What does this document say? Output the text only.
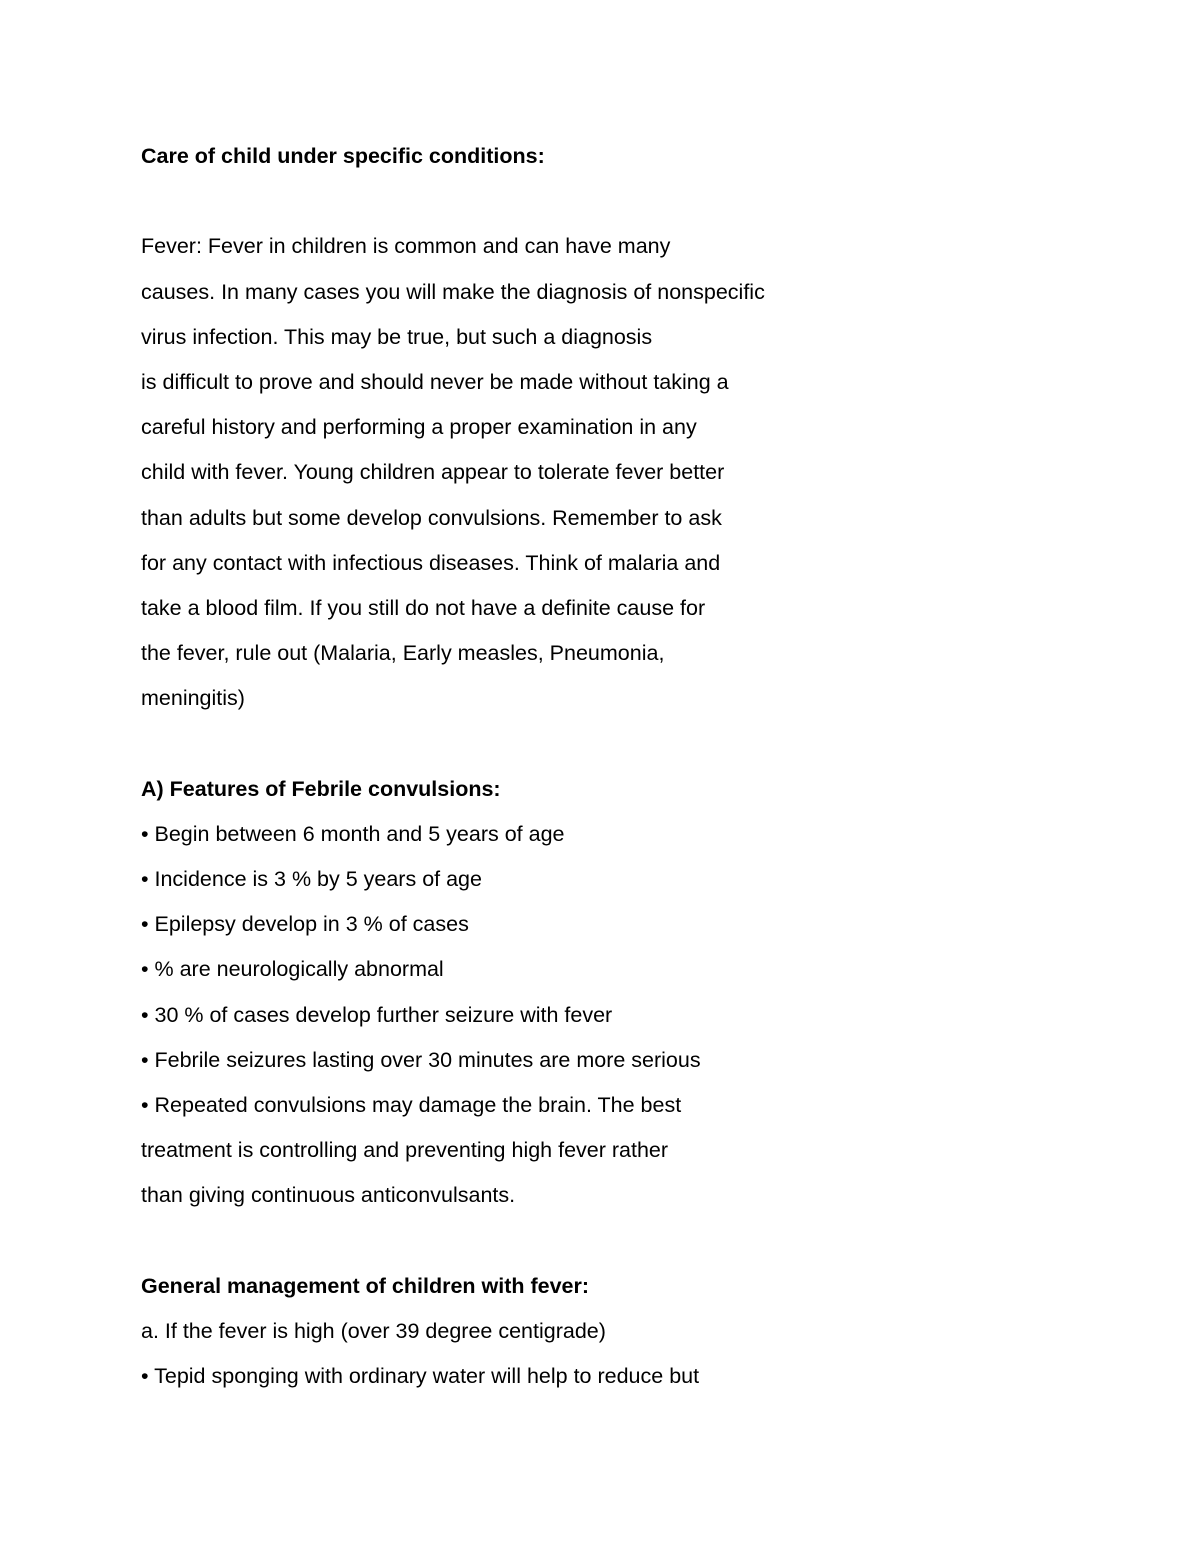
Care of child under specific conditions:

Fever: Fever in children is common and can have many

causes. In many cases you will make the diagnosis of nonspecific

virus infection. This may be true, but such a diagnosis

is difficult to prove and should never be made without taking a

careful history and performing a proper examination in any

child with fever. Young children appear to tolerate fever better

than adults but some develop convulsions. Remember to ask

for any contact with infectious diseases. Think of malaria and

take a blood film. If you still do not have a definite cause for

the fever, rule out (Malaria, Early measles, Pneumonia,

meningitis)

A) Features of Febrile convulsions:

• Begin between 6 month and 5 years of age

• Incidence is 3 % by 5 years of age

• Epilepsy develop in 3 % of cases

• % are neurologically abnormal

• 30 % of cases develop further seizure with fever

• Febrile seizures lasting over 30 minutes are more serious

• Repeated convulsions may damage the brain. The best

treatment is controlling and preventing high fever rather

than giving continuous anticonvulsants.

General management of children with fever:

a. If the fever is high (over 39 degree centigrade)

• Tepid sponging with ordinary water will help to reduce but
